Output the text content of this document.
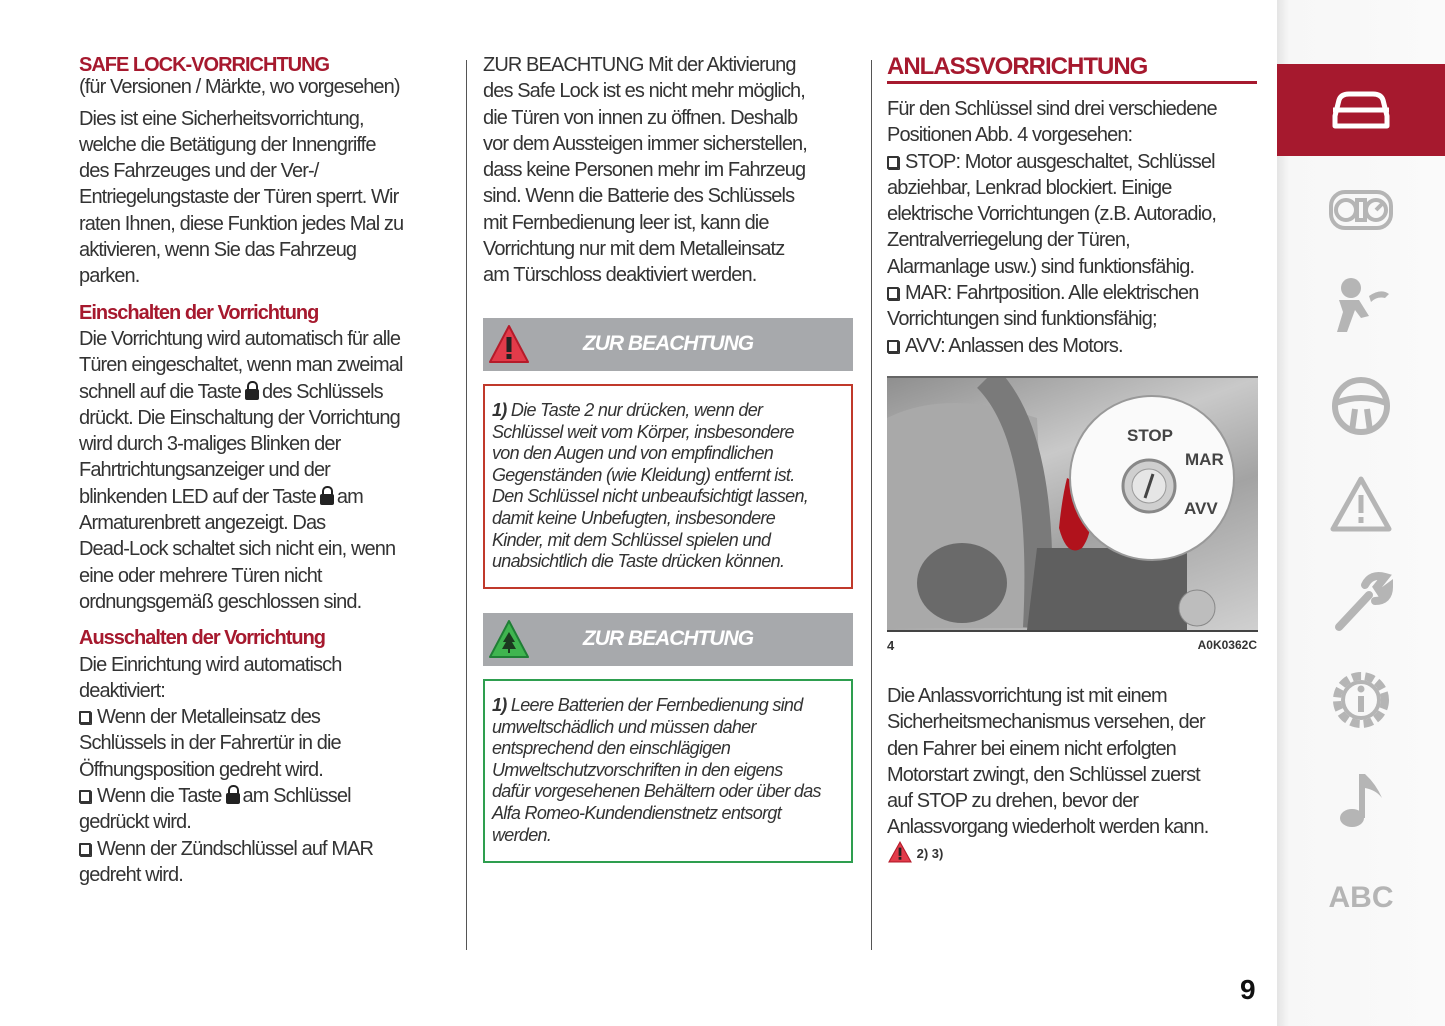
SAFE LOCK-VORRICHTUNG
(für Versionen / Märkte, wo vorgesehen)
Dies ist eine Sicherheitsvorrichtung,
welche die Betätigung der Innengriffe
des Fahrzeuges und der Ver-/
Entriegelungstaste der Türen sperrt. Wir
raten Ihnen, diese Funktion jedes Mal zu
aktivieren, wenn Sie das Fahrzeug
parken.
Einschalten der Vorrichtung
Die Vorrichtung wird automatisch für alle
Türen eingeschaltet, wenn man zweimal
schnell auf die Taste des Schlüssels
drückt. Die Einschaltung der Vorrichtung
wird durch 3-maliges Blinken der
Fahrtrichtungsanzeiger und der
blinkenden LED auf der Taste am
Armaturenbrett angezeigt. Das
Dead-Lock schaltet sich nicht ein, wenn
eine oder mehrere Türen nicht
ordnungsgemäß geschlossen sind.
Ausschalten der Vorrichtung
Die Einrichtung wird automatisch
deaktiviert:
Wenn der Metalleinsatz des
Schlüssels in der Fahrertür in die
Öffnungsposition gedreht wird.
Wenn die Taste am Schlüssel
gedrückt wird.
Wenn der Zündschlüssel auf MAR
gedreht wird.
ZUR BEACHTUNG Mit der Aktivierung
des Safe Lock ist es nicht mehr möglich,
die Türen von innen zu öffnen. Deshalb
vor dem Aussteigen immer sicherstellen,
dass keine Personen mehr im Fahrzeug
sind. Wenn die Batterie des Schlüssels
mit Fernbedienung leer ist, kann die
Vorrichtung nur mit dem Metalleinsatz
am Türschloss deaktiviert werden.
ZUR BEACHTUNG
1) Die Taste 2 nur drücken, wenn der
Schlüssel weit vom Körper, insbesondere
von den Augen und von empfindlichen
Gegenständen (wie Kleidung) entfernt ist.
Den Schlüssel nicht unbeaufsichtigt lassen,
damit keine Unbefugten, insbesondere
Kinder, mit dem Schlüssel spielen und
unabsichtlich die Taste drücken können.
ZUR BEACHTUNG
1) Leere Batterien der Fernbedienung sind
umweltschädlich und müssen daher
entsprechend den einschlägigen
Umweltschutzvorschriften in den eigens
dafür vorgesehenen Behältern oder über das
Alfa Romeo-Kundendienstnetz entsorgt
werden.
ANLASSVORRICHTUNG
Für den Schlüssel sind drei verschiedene
Positionen Abb. 4 vorgesehen:
STOP: Motor ausgeschaltet, Schlüssel
abziehbar, Lenkrad blockiert. Einige
elektrische Vorrichtungen (z.B. Autoradio,
Zentralverriegelung der Türen,
Alarmanlage usw.) sind funktionsfähig.
MAR: Fahrtposition. Alle elektrischen
Vorrichtungen sind funktionsfähig;
AVV: Anlassen des Motors.
STOP
MAR
AVV
4	A0K0362C
Die Anlassvorrichtung ist mit einem
Sicherheitsmechanismus versehen, der
den Fahrer bei einem nicht erfolgten
Motorstart zwingt, den Schlüssel zuerst
auf STOP zu drehen, bevor der
Anlassvorgang wiederholt werden kann.
2) 3)
9
ABC
